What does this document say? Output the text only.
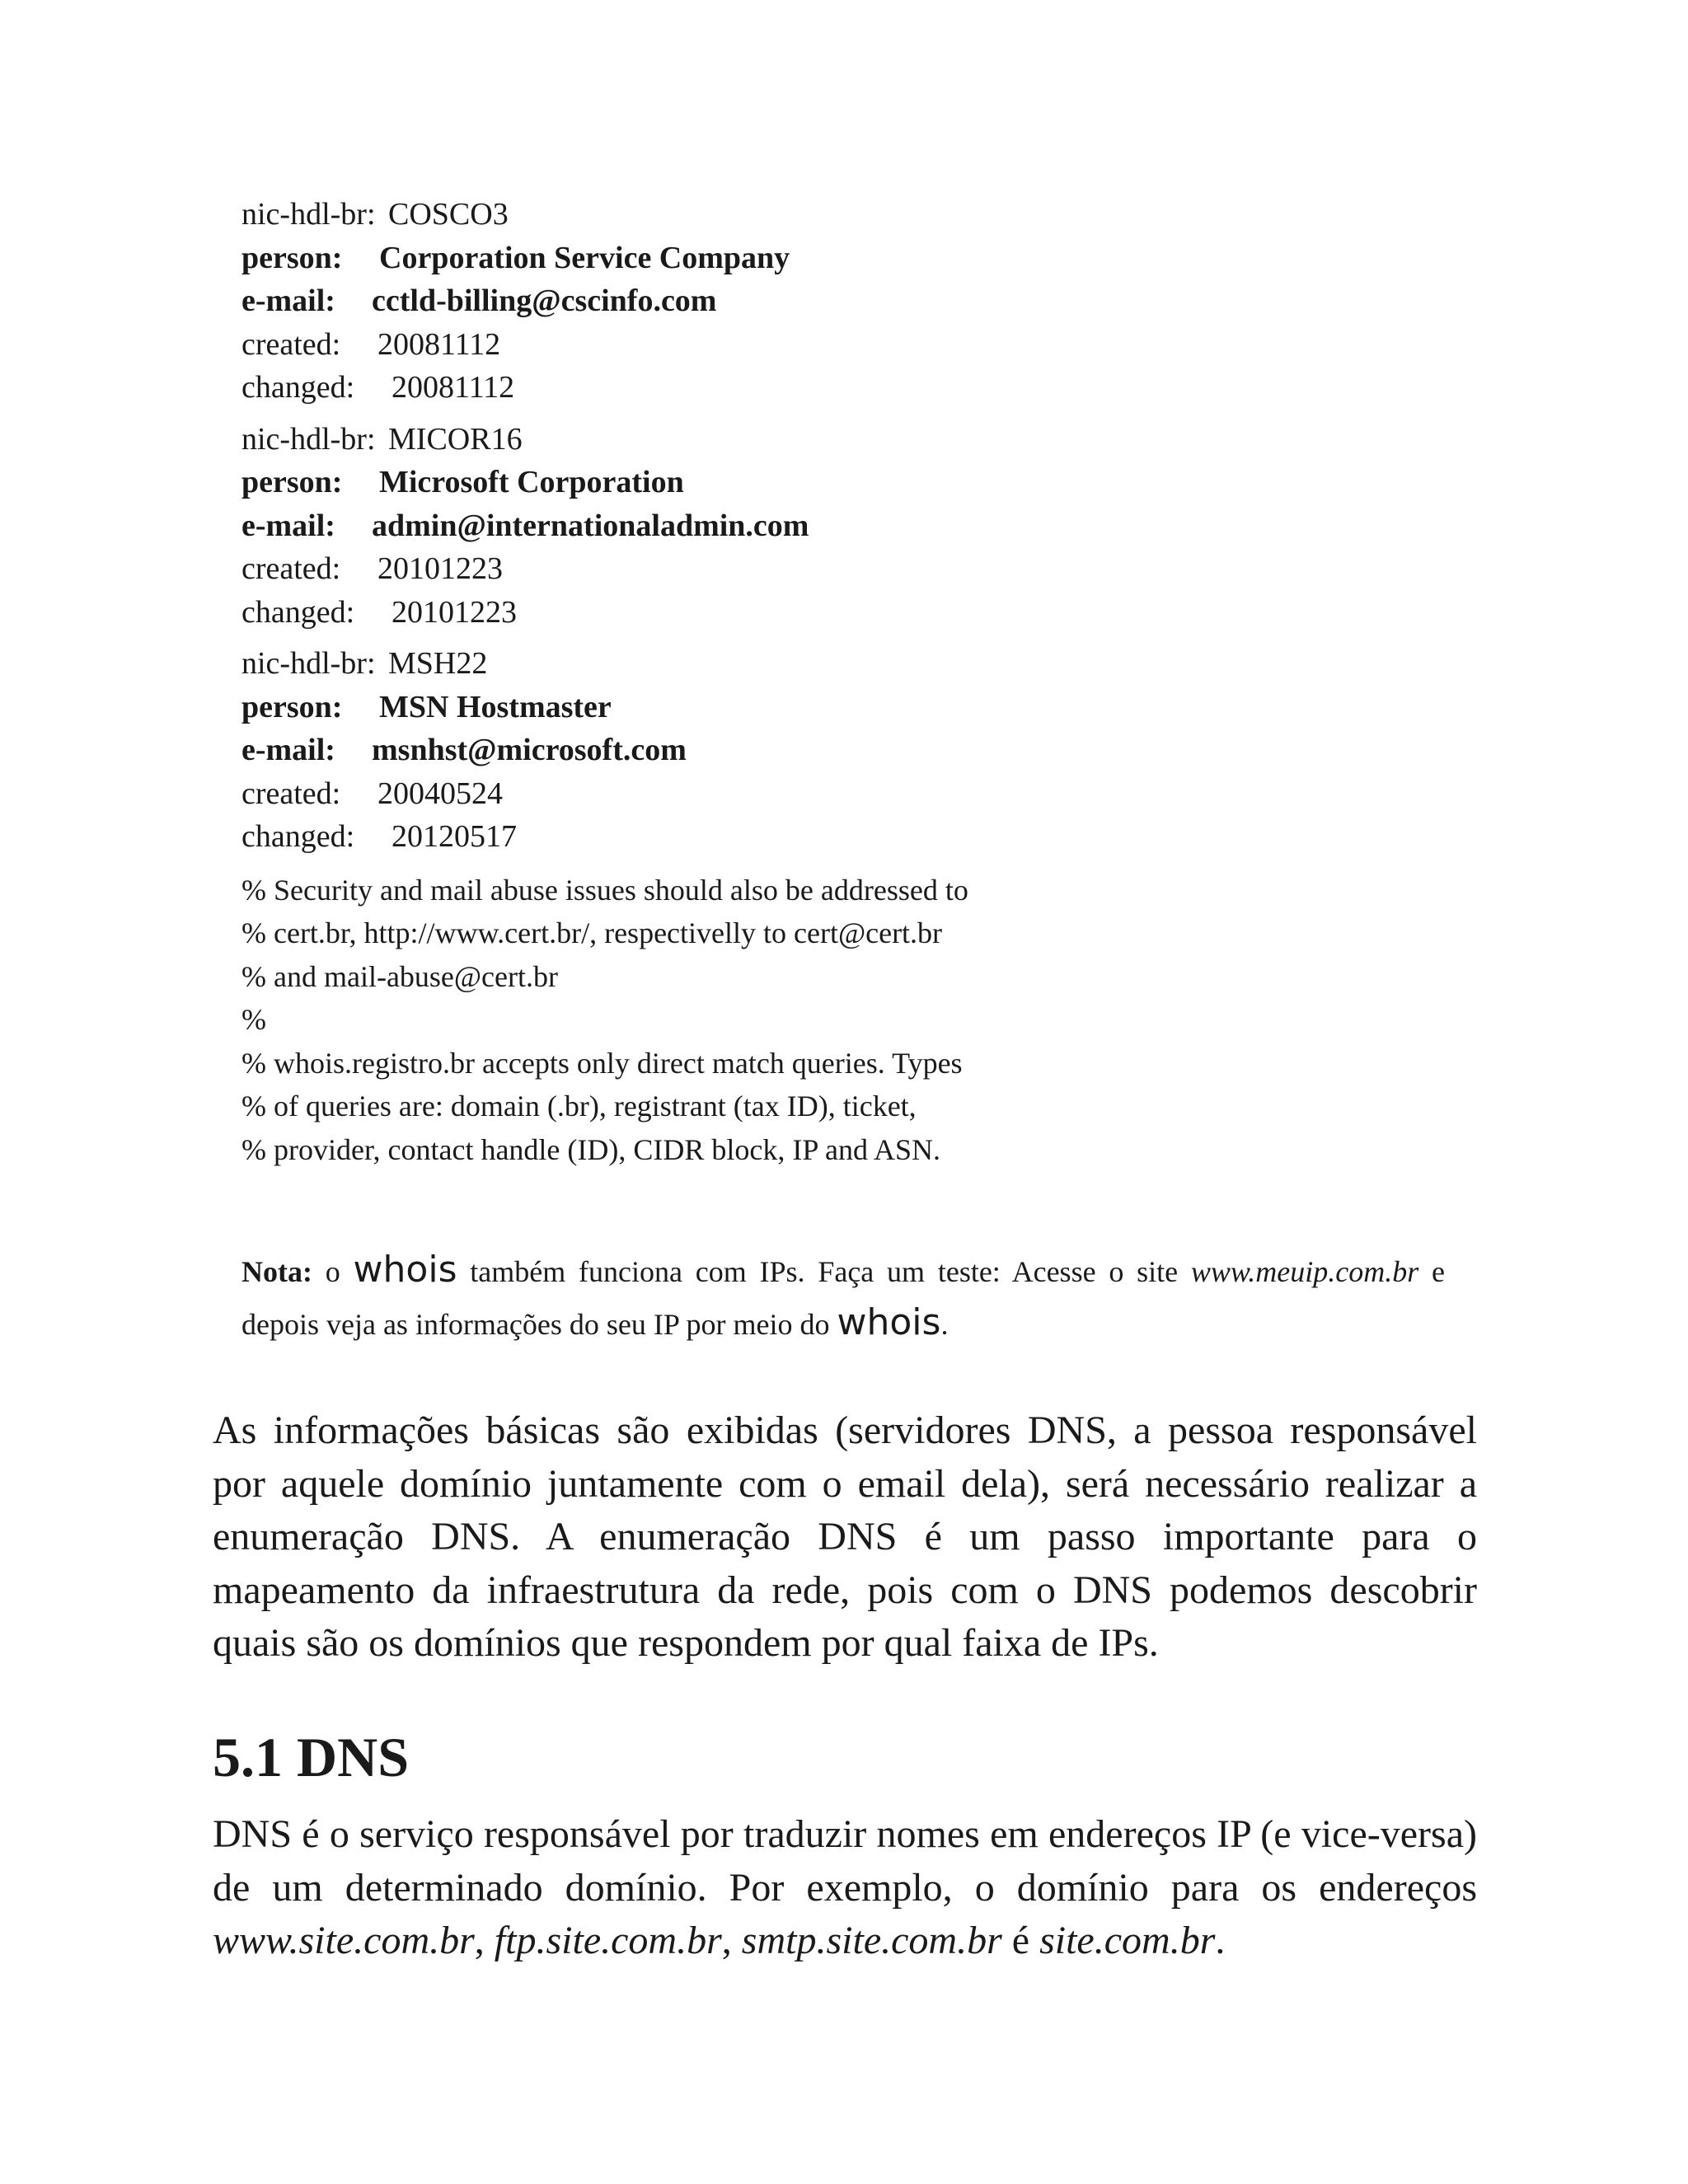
nic-hdl-br: COSCO3
person: Corporation Service Company
e-mail: cctld-billing@cscinfo.com
created: 20081112
changed: 20081112
nic-hdl-br: MICOR16
person: Microsoft Corporation
e-mail: admin@internationaladmin.com
created: 20101223
changed: 20101223
nic-hdl-br: MSH22
person: MSN Hostmaster
e-mail: msnhst@microsoft.com
created: 20040524
changed: 20120517
% Security and mail abuse issues should also be addressed to
% cert.br, http://www.cert.br/, respectivelly to cert@cert.br
% and mail-abuse@cert.br
%
% whois.registro.br accepts only direct match queries. Types
% of queries are: domain (.br), registrant (tax ID), ticket,
% provider, contact handle (ID), CIDR block, IP and ASN.
Nota: o whois também funciona com IPs. Faça um teste: Acesse o site www.meuip.com.br e depois veja as informações do seu IP por meio do whois.
As informações básicas são exibidas (servidores DNS, a pessoa responsável por aquele domínio juntamente com o email dela), será necessário realizar a enumeração DNS. A enumeração DNS é um passo importante para o mapeamento da infraestrutura da rede, pois com o DNS podemos descobrir quais são os domínios que respondem por qual faixa de IPs.
5.1 DNS
DNS é o serviço responsável por traduzir nomes em endereços IP (e vice-versa) de um determinado domínio. Por exemplo, o domínio para os endereços www.site.com.br, ftp.site.com.br, smtp.site.com.br é site.com.br.
